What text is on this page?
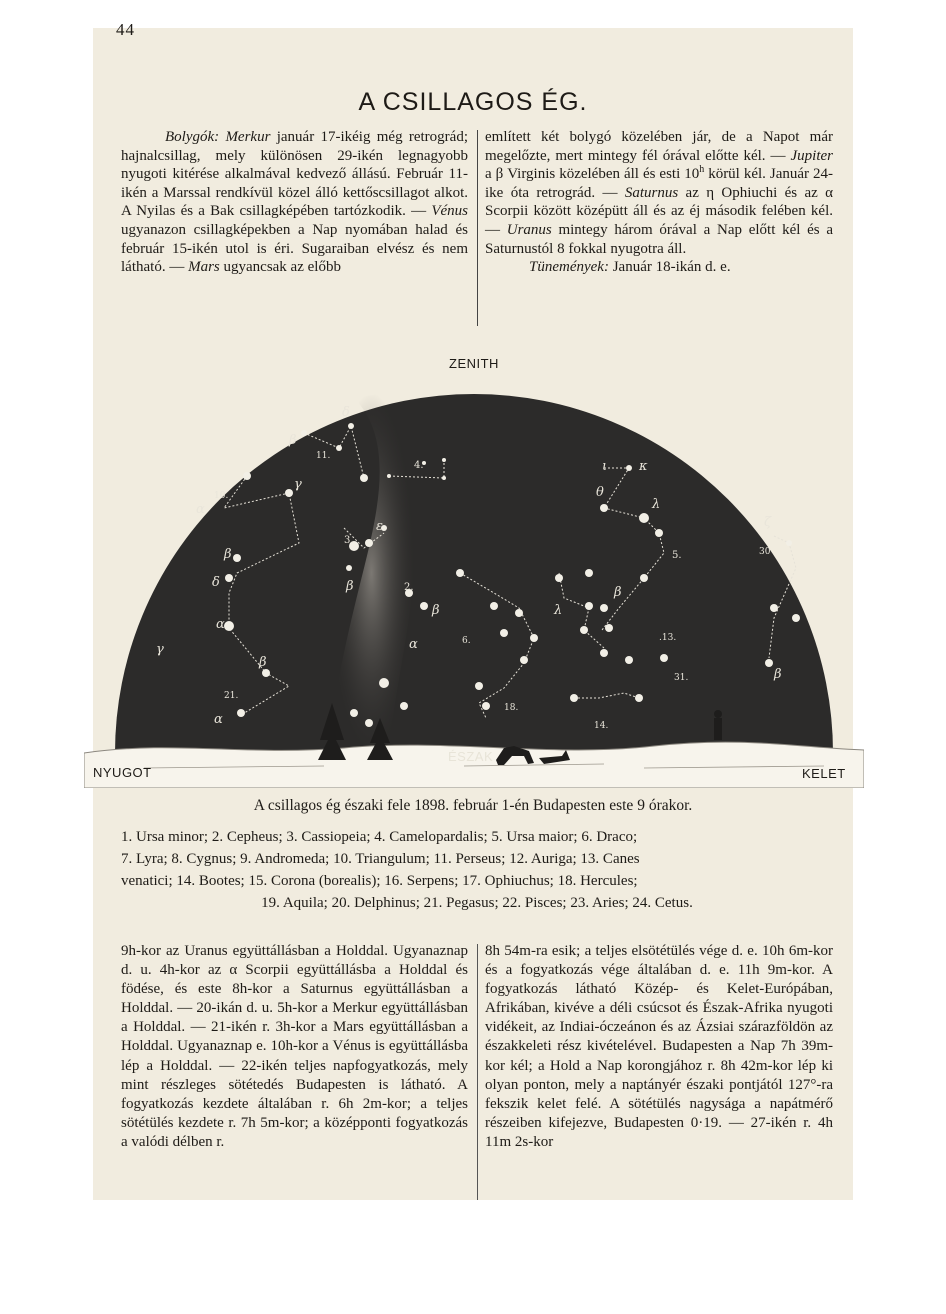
44
A CSILLAGOS ÉG.

Bolygók: Merkur január 17-ikéig még retrográd; hajnalcsillag, mely különösen 29-ikén legnagyobb nyugoti kitérése alkalmával kedvező állású. Február 11-ikén a Marssal rendkívül közel álló kettőscsillagot alkot. A Nyilas és a Bak csillagképében tartózkodik. — Vénus ugyanazon csillagképekben a Nap nyomában halad és február 15-ikén utol is éri. Sugaraiban elvész és nem látható. — Mars ugyancsak az előbb

említett két bolygó közelében jár, de a Napot már megelőzte, mert mintegy fél órával előtte kél. — Jupiter a β Virginis közelében áll és esti 10$^h$ körül kél. Január 24-ike óta retrográd. — Saturnus az η Ophiuchi és az α Scorpii között középütt áll és az éj második felében kél. — Uranus mintegy három órával a Nap előtt kél és a Saturnustól 8 fokkal nyugotra áll.

Tüneménуek: Január 18-ikán d. e.

ZENITH
δ
β
11.
4.
10.
α
γ
β
δ
α
γ
β
21.
α
ε
3.
β	2.
β
α	6.
λ
β
5.
λ
θ
ι κ
.13.
ζ
30
β
31.
18.
14.
ÉSZAK
NYUGOT	KELET
A csillagos ég északi fele 1898. február 1-én Budapesten este 9 órakor.
1. Ursa minor; 2. Cepheus; 3. Cassiopeia; 4. Camelopardalis; 5. Ursa maior; 6. Draco;
7. Lyra; 8. Cygnus; 9. Andromeda; 10. Triangulum; 11. Perseus; 12. Auriga; 13. Canes
venatici; 14. Bootes; 15. Corona (borealis); 16. Serpens; 17. Ophiuchus; 18. Hercules;
19. Aquila; 20. Delphinus; 21. Pegasus; 22. Pisces; 23. Aries; 24. Cetus.
9h-kor az Uranus együttállásban a Holddal. Ugyanaznap d. u. 4h-kor az α Scorpii együttállásba a Holddal és födése, és este 8h-kor a Saturnus együttállásban a Holddal. — 20-ikán d. u. 5h-kor a Merkur együttállásban a Holddal. — 21-ikén r. 3h-kor a Mars együttállásban a Holddal. Ugyanaznap e. 10h-kor a Vénus is együttállásba lép a Holddal. — 22-ikén teljes napfogyatkozás, mely mint részleges sötétedés Budapesten is látható. A fogyatkozás kezdete általában r. 6h 2m-kor; a teljes sötétülés kezdete r. 7h 5m-kor; a középponti fogyatkozás a valódi délben r.
8h 54m-ra esik; a teljes elsötétülés vége d. e. 10h 6m-kor és a fogyatkozás vége általában d. e. 11h 9m-kor. A fogyatkozás látható Közép- és Kelet-Európában, Afrikában, kivéve a déli csúcsot és Észak-Afrika nyugoti vidékeit, az Indiai-óczeánon és az Ázsiai szárazföldön az északkeleti rész kivételével. Budapesten a Nap 7h 39m-kor kél; a Hold a Nap korongjához r. 8h 42m-kor lép ki olyan ponton, mely a naptányér északi pontjától 127°-ra fekszik kelet felé. A sötétülés nagysága a napátmérő részeiben kifejezve, Budapesten 0·19. — 27-ikén r. 4h 11m 2s-kor
